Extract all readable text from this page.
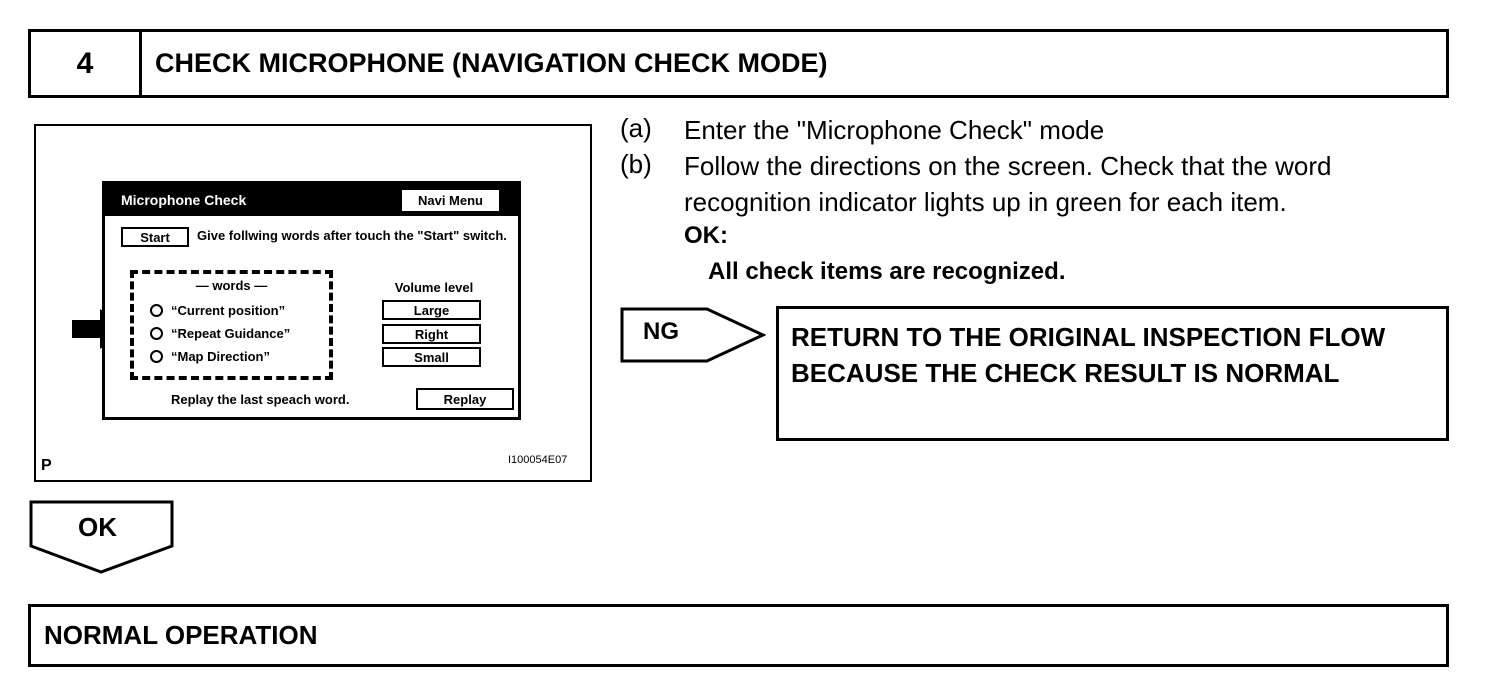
4	CHECK MICROPHONE (NAVIGATION CHECK MODE)
Microphone Check	Navi Menu
Start	Give follwing words after touch the "Start" switch.
— words —
“Current position”
“Repeat Guidance”
“Map Direction”
Volume level
Large
Right
Small
Replay the last speach word.	Replay
P	I100054E07
(a) Enter the "Microphone Check" mode
(b) Follow the directions on the screen. Check that the word recognition indicator lights up in green for each item.
OK:
All check items are recognized.
NG	RETURN TO THE ORIGINAL INSPECTION FLOW BECAUSE THE CHECK RESULT IS NORMAL
OK
NORMAL OPERATION
